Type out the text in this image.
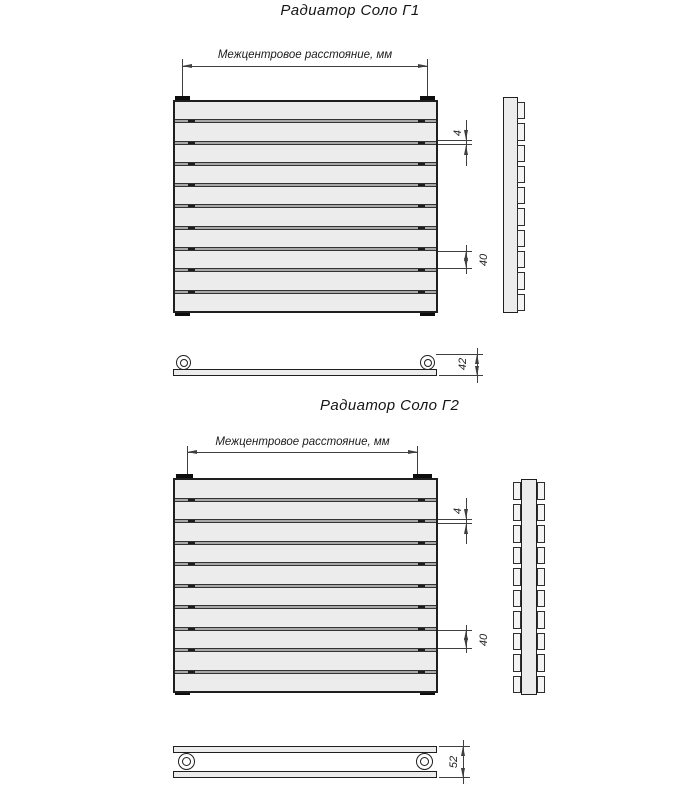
Радиатор Соло Г1
Межцентровое расстояние, мм
4
40
42
Радиатор Соло Г2
Межцентровое расстояние, мм
4
40
52
